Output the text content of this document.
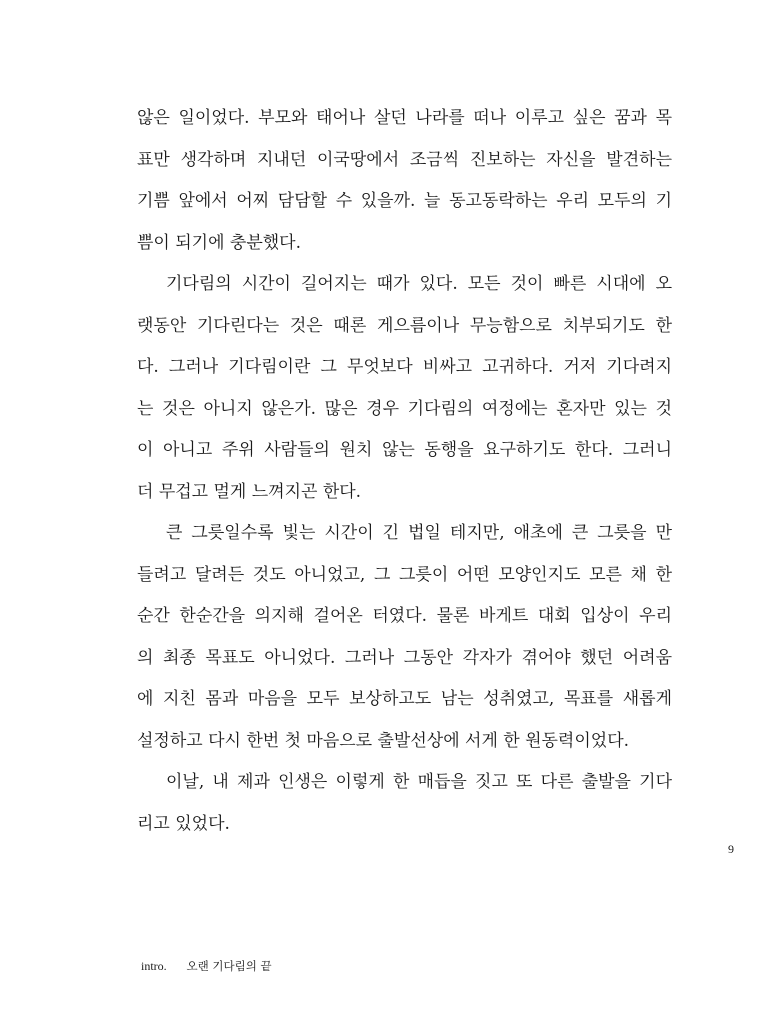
않은 일이었다. 부모와 태어나 살던 나라를 떠나 이루고 싶은 꿈과 목
표만 생각하며 지내던 이국땅에서 조금씩 진보하는 자신을 발견하는
기쁨 앞에서 어찌 담담할 수 있을까. 늘 동고동락하는 우리 모두의 기
쁨이 되기에 충분했다.
기다림의 시간이 길어지는 때가 있다. 모든 것이 빠른 시대에 오
랫동안 기다린다는 것은 때론 게으름이나 무능함으로 치부되기도 한
다. 그러나 기다림이란 그 무엇보다 비싸고 고귀하다. 거저 기다려지
는 것은 아니지 않은가. 많은 경우 기다림의 여정에는 혼자만 있는 것
이 아니고 주위 사람들의 원치 않는 동행을 요구하기도 한다. 그러니
더 무겁고 멀게 느껴지곤 한다.
큰 그릇일수록 빛는 시간이 긴 법일 테지만, 애초에 큰 그릇을 만
들려고 달려든 것도 아니었고, 그 그릇이 어떤 모양인지도 모른 채 한
순간 한순간을 의지해 걸어온 터였다. 물론 바게트 대회 입상이 우리
의 최종 목표도 아니었다. 그러나 그동안 각자가 겪어야 했던 어려움
에 지친 몸과 마음을 모두 보상하고도 남는 성취였고, 목표를 새롭게
설정하고 다시 한번 첫 마음으로 출발선상에 서게 한 원동력이었다.
이날, 내 제과 인생은 이렇게 한 매듭을 짓고 또 다른 출발을 기다
리고 있었다.
9
intro. 오랜 기다림의 끝
